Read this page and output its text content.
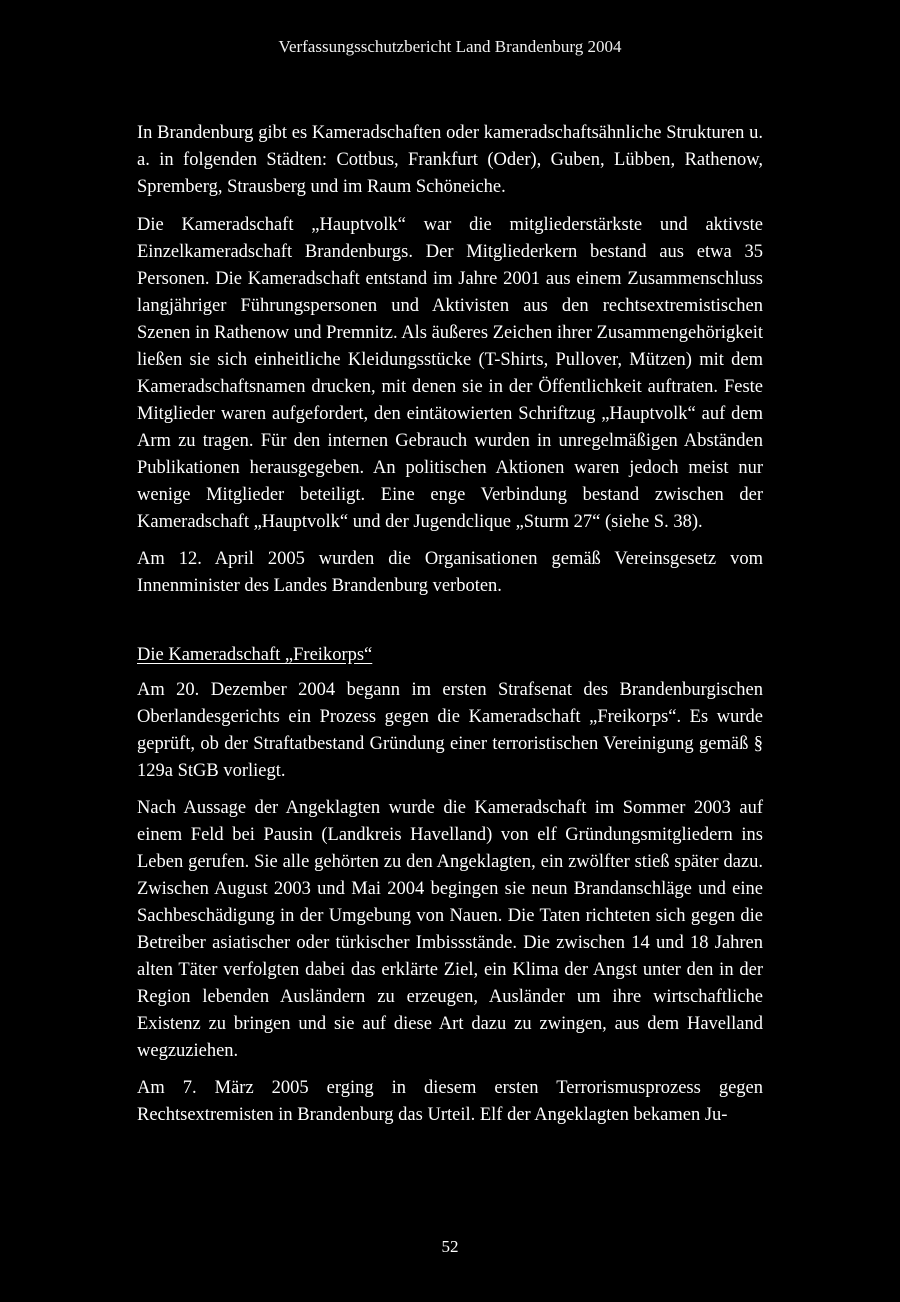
Verfassungsschutzbericht Land Brandenburg 2004

In Brandenburg gibt es Kameradschaften oder kameradschaftsähnliche Strukturen u. a. in folgenden Städten: Cottbus, Frankfurt (Oder), Guben, Lübben, Rathenow, Spremberg, Strausberg und im Raum Schöneiche.

Die Kameradschaft „Hauptvolk“ war die mitgliederstärkste und aktivste Einzelkameradschaft Brandenburgs. Der Mitgliederkern bestand aus etwa 35 Personen. Die Kameradschaft entstand im Jahre 2001 aus einem Zusammenschluss langjähriger Führungspersonen und Aktivisten aus den rechtsextremistischen Szenen in Rathenow und Premnitz. Als äußeres Zeichen ihrer Zusammengehörigkeit ließen sie sich einheitliche Kleidungsstücke (T-Shirts, Pullover, Mützen) mit dem Kameradschaftsnamen drucken, mit denen sie in der Öffentlichkeit auftraten. Feste Mitglieder waren aufgefordert, den eintätowierten Schriftzug „Hauptvolk“ auf dem Arm zu tragen. Für den internen Gebrauch wurden in unregelmäßigen Abständen Publikationen herausgegeben. An politischen Aktionen waren jedoch meist nur wenige Mitglieder beteiligt. Eine enge Verbindung bestand zwischen der Kameradschaft „Hauptvolk“ und der Jugendclique „Sturm 27“ (siehe S. 38).

Am 12. April 2005 wurden die Organisationen gemäß Vereinsgesetz vom Innenminister des Landes Brandenburg verboten.

Die Kameradschaft „Freikorps“

Am 20. Dezember 2004 begann im ersten Strafsenat des Brandenburgischen Oberlandesgerichts ein Prozess gegen die Kameradschaft „Freikorps“. Es wurde geprüft, ob der Straftatbestand Gründung einer terroristischen Vereinigung gemäß § 129a StGB vorliegt.

Nach Aussage der Angeklagten wurde die Kameradschaft im Sommer 2003 auf einem Feld bei Pausin (Landkreis Havelland) von elf Gründungsmitgliedern ins Leben gerufen. Sie alle gehörten zu den Angeklagten, ein zwölfter stieß später dazu. Zwischen August 2003 und Mai 2004 begingen sie neun Brandanschläge und eine Sachbeschädigung in der Umgebung von Nauen. Die Taten richteten sich gegen die Betreiber asiatischer oder türkischer Imbissstände. Die zwischen 14 und 18 Jahren alten Täter verfolgten dabei das erklärte Ziel, ein Klima der Angst unter den in der Region lebenden Ausländern zu erzeugen, Ausländer um ihre wirtschaftliche Existenz zu bringen und sie auf diese Art dazu zu zwingen, aus dem Havelland wegzuziehen.

Am 7. März 2005 erging in diesem ersten Terrorismusprozess gegen Rechtsextremisten in Brandenburg das Urteil. Elf der Angeklagten bekamen Ju-

52
